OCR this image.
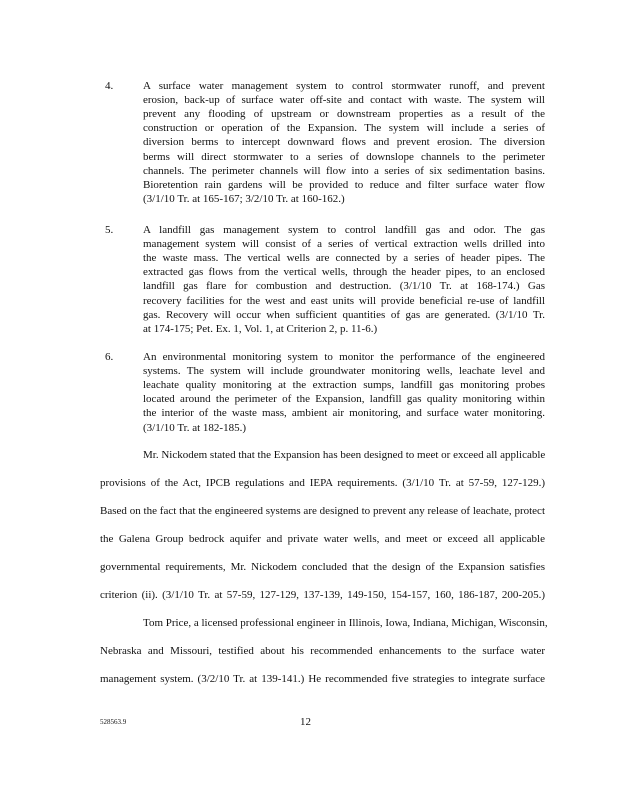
4.	A surface water management system to control stormwater runoff, and prevent
erosion, back-up of surface water off-site and contact with waste. The system will
prevent any flooding of upstream or downstream properties as a result of the
construction or operation of the Expansion. The system will include a series of
diversion berms to intercept downward flows and prevent erosion. The diversion
berms will direct stormwater to a series of downslope channels to the perimeter
channels. The perimeter channels will flow into a series of six sedimentation basins.
Bioretention rain gardens will be provided to reduce and filter surface water flow
(3/1/10 Tr. at 165-167; 3/2/10 Tr. at 160-162.)
5.	A landfill gas management system to control landfill gas and odor. The gas
management system will consist of a series of vertical extraction wells drilled into
the waste mass. The vertical wells are connected by a series of header pipes. The
extracted gas flows from the vertical wells, through the header pipes, to an enclosed
landfill gas flare for combustion and destruction. (3/1/10 Tr. at 168-174.) Gas
recovery facilities for the west and east units will provide beneficial re-use of landfill
gas. Recovery will occur when sufficient quantities of gas are generated. (3/1/10 Tr.
at 174-175; Pet. Ex. 1, Vol. 1, at Criterion 2, p. 11-6.)
6.	An environmental monitoring system to monitor the performance of the engineered
systems. The system will include groundwater monitoring wells, leachate level and
leachate quality monitoring at the extraction sumps, landfill gas monitoring probes
located around the perimeter of the Expansion, landfill gas quality monitoring within
the interior of the waste mass, ambient air monitoring, and surface water monitoring.
(3/1/10 Tr. at 182-185.)
Mr. Nickodem stated that the Expansion has been designed to meet or exceed all applicable
provisions of the Act, IPCB regulations and IEPA requirements. (3/1/10 Tr. at 57-59, 127-129.)
Based on the fact that the engineered systems are designed to prevent any release of leachate, protect
the Galena Group bedrock aquifer and private water wells, and meet or exceed all applicable
governmental requirements, Mr. Nickodem concluded that the design of the Expansion satisfies
criterion (ii). (3/1/10 Tr. at 57-59, 127-129, 137-139, 149-150, 154-157, 160, 186-187, 200-205.)
Tom Price, a licensed professional engineer in Illinois, Iowa, Indiana, Michigan, Wisconsin,
Nebraska and Missouri, testified about his recommended enhancements to the surface water
management system. (3/2/10 Tr. at 139-141.) He recommended five strategies to integrate surface
528563.9	12
